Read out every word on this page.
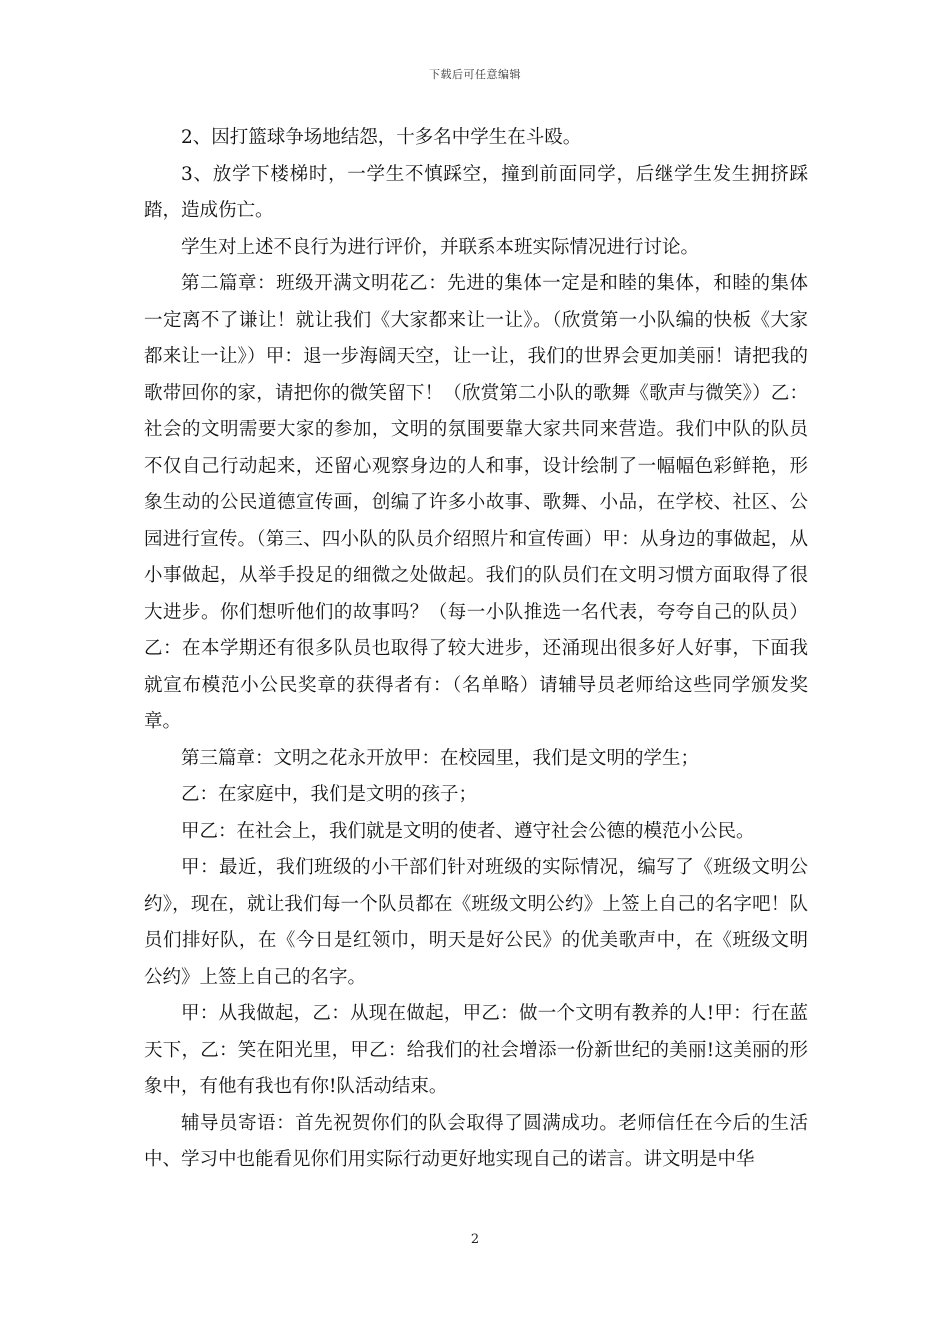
下载后可任意编辑

2、因打篮球争场地结怨，十多名中学生在斗殴。

3、放学下楼梯时，一学生不慎踩空，撞到前面同学，后继学生发生拥挤踩踏，造成伤亡。

学生对上述不良行为进行评价，并联系本班实际情况进行讨论。

第二篇章：班级开满文明花乙：先进的集体一定是和睦的集体，和睦的集体一定离不了谦让！就让我们《大家都来让一让》。（欣赏第一小队编的快板《大家都来让一让》）甲：退一步海阔天空，让一让，我们的世界会更加美丽！请把我的歌带回你的家，请把你的微笑留下！（欣赏第二小队的歌舞《歌声与微笑》）乙：社会的文明需要大家的参加，文明的氛围要靠大家共同来营造。我们中队的队员不仅自己行动起来，还留心观察身边的人和事，设计绘制了一幅幅色彩鲜艳，形象生动的公民道德宣传画，创编了许多小故事、歌舞、小品，在学校、社区、公园进行宣传。（第三、四小队的队员介绍照片和宣传画）甲：从身边的事做起，从小事做起，从举手投足的细微之处做起。我们的队员们在文明习惯方面取得了很大进步。你们想听他们的故事吗？（每一小队推选一名代表，夸夸自己的队员）乙：在本学期还有很多队员也取得了较大进步，还涌现出很多好人好事，下面我就宣布模范小公民奖章的获得者有：（名单略）请辅导员老师给这些同学颁发奖章。

第三篇章：文明之花永开放甲：在校园里，我们是文明的学生；

乙：在家庭中，我们是文明的孩子；

甲乙：在社会上，我们就是文明的使者、遵守社会公德的模范小公民。

甲：最近，我们班级的小干部们针对班级的实际情况，编写了《班级文明公约》，现在，就让我们每一个队员都在《班级文明公约》上签上自己的名字吧！队员们排好队，在《今日是红领巾，明天是好公民》的优美歌声中，在《班级文明公约》上签上自己的名字。

甲：从我做起，乙：从现在做起，甲乙：做一个文明有教养的人!甲：行在蓝天下，乙：笑在阳光里，甲乙：给我们的社会增添一份新世纪的美丽!这美丽的形象中，有他有我也有你!队活动结束。

辅导员寄语：首先祝贺你们的队会取得了圆满成功。老师信任在今后的生活中、学习中也能看见你们用实际行动更好地实现自己的诺言。讲文明是中华

2
